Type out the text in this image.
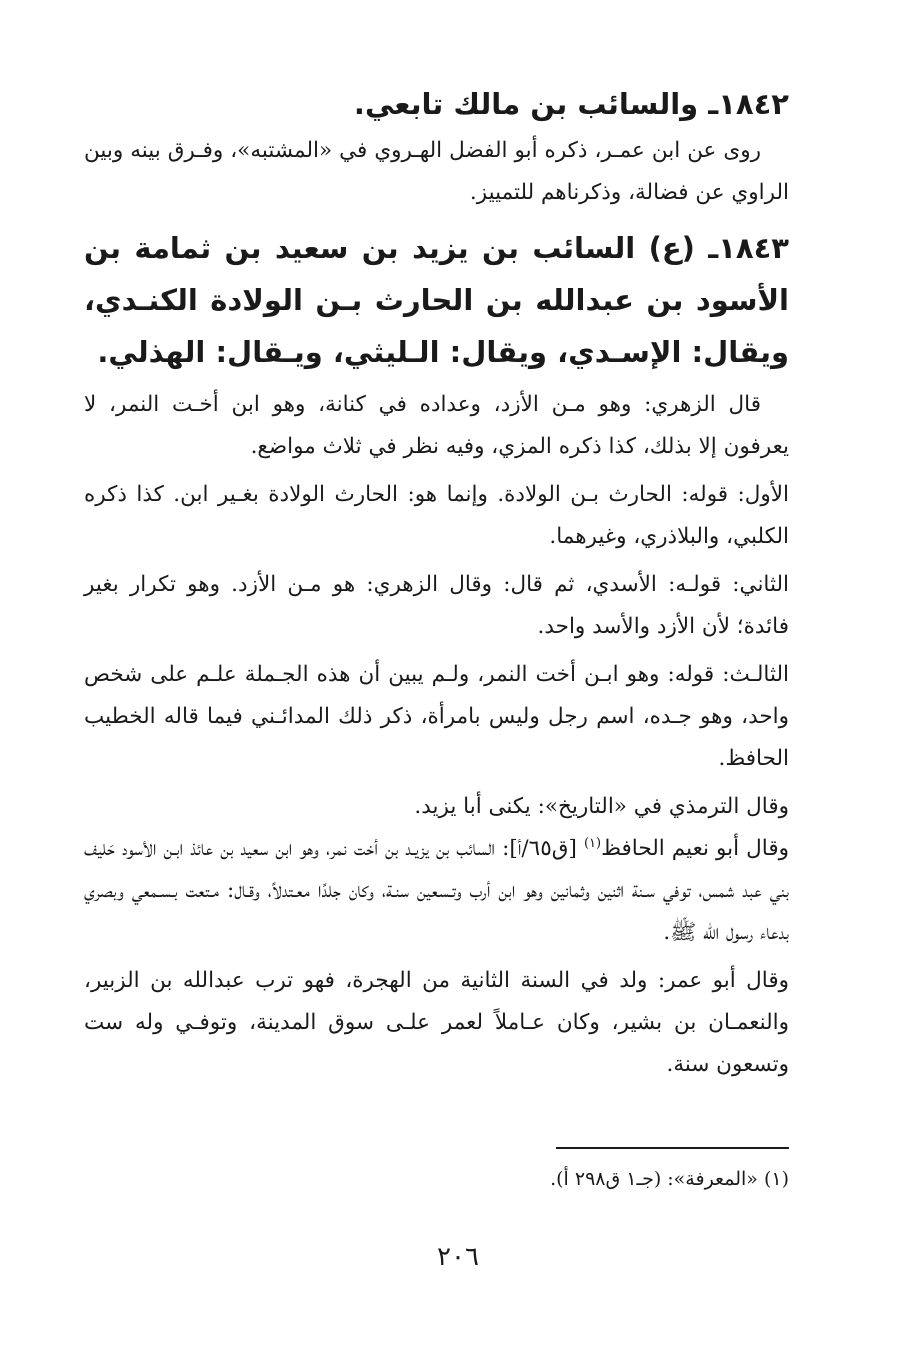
١٨٤٢ـ والسائب بن مالك تابعي.

روى عن ابن عمـر، ذكره أبو الفضل الهـروي في «المشتبه»، وفـرق بينه وبين الراوي عن فضالة، وذكرناهم للتمييز.

١٨٤٣ـ (ع) السائب بن يزيد بن سعيد بن ثمامة بن الأسود بن عبدالله بن الحارث بـن الولادة الكنـدي، ويقال: الإسـدي، ويقال: الـليثي، ويـقال: الهذلي.

قال الزهري: وهو مـن الأزد، وعداده في كنانة، وهو ابن أخـت النمر، لا يعرفون إلا بذلك، كذا ذكره المزي، وفيه نظر في ثلاث مواضع.

الأول: قوله: الحارث بـن الولادة. وإنما هو: الحارث الولادة بغـير ابن. كذا ذكره الكلبي، والبلاذري، وغيرهما.

الثاني: قولـه: الأسدي، ثم قال: وقال الزهري: هو مـن الأزد. وهو تكرار بغير فائدة؛ لأن الأزد والأسد واحد.

الثالـث: قوله: وهو ابـن أخت النمر، ولـم يبين أن هذه الجـملة علـم على شخص واحد، وهو جـده، اسم رجل وليس بامرأة، ذكر ذلك المدائـني فيما قاله الخطيب الحافظ.

وقال الترمذي في «التاريخ»: يكنى أبا يزيد.

وقال أبو نعيم الحافظ$^{(١)}$ [ق٦٥/أ]: السائب بن يزيـد بن أخت نمر، وهو ابن سعيد بن عائذ ابـن الأسود حَليف بني عبد شمس، توفي سـنة اثنين وثمانين وهو ابن أرب وتـسعين سنـة، وكان جلدًا معـتدلاً، وقـال: مـتعت بـسـمعي وبصري بدعاء رسول الله ﷺ.

وقال أبو عمر: ولد في السنة الثانية من الهجرة، فهو ترب عبدالله بن الزبير، والنعمـان بن بشير، وكان عـاملاً لعمر علـى سوق المدينة، وتوفـي وله ست وتسعون سنة.

(١) «المعرفة»: (جـ١ ق٢٩٨ أ).

٢٠٦
